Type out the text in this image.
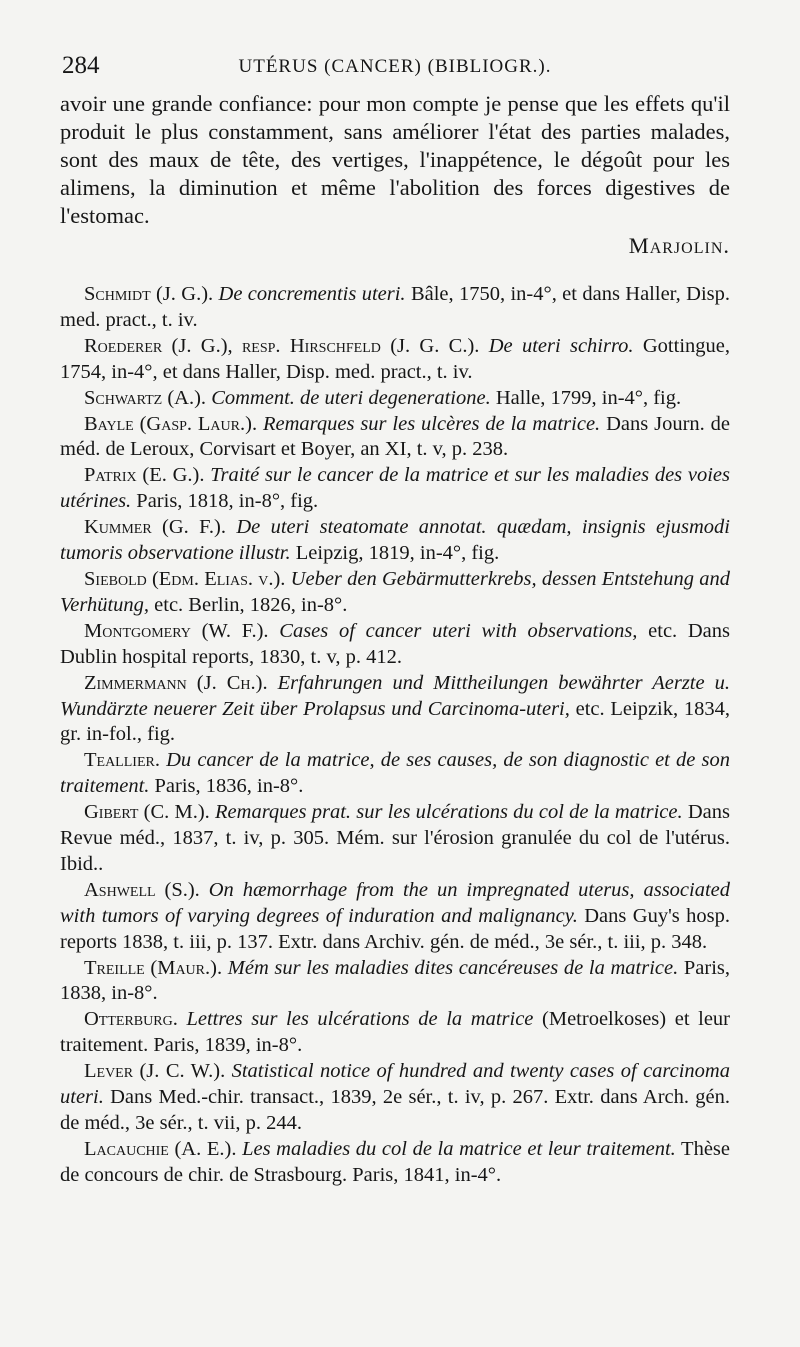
284	UTÉRUS (CANCER) (BIBLIOGR.).

avoir une grande confiance: pour mon compte je pense que les effets qu'il produit le plus constamment, sans améliorer l'état des parties malades, sont des maux de tête, des vertiges, l'inappétence, le dégoût pour les alimens, la diminution et même l'abolition des forces digestives de l'estomac.

Marjolin.

Schmidt (J. G.). De concrementis uteri. Bâle, 1750, in-4°, et dans Haller, Disp. med. pract., t. iv.

Roederer (J. G.), resp. Hirschfeld (J. G. C.). De uteri schirro. Gottingue, 1754, in-4°, et dans Haller, Disp. med. pract., t. iv.

Schwartz (A.). Comment. de uteri degeneratione. Halle, 1799, in-4°, fig.

Bayle (Gasp. Laur.). Remarques sur les ulcères de la matrice. Dans Journ. de méd. de Leroux, Corvisart et Boyer, an XI, t. v, p. 238.

Patrix (E. G.). Traité sur le cancer de la matrice et sur les maladies des voies utérines. Paris, 1818, in-8°, fig.

Kummer (G. F.). De uteri steatomate annotat. quædam, insignis ejusmodi tumoris observatione illustr. Leipzig, 1819, in-4°, fig.

Siebold (Edm. Elias. v.). Ueber den Gebärmutterkrebs, dessen Entstehung and Verhütung, etc. Berlin, 1826, in-8°.

Montgomery (W. F.). Cases of cancer uteri with observations, etc. Dans Dublin hospital reports, 1830, t. v, p. 412.

Zimmermann (J. Ch.). Erfahrungen und Mittheilungen bewährter Aerzte u. Wundärzte neuerer Zeit über Prolapsus und Carcinoma-uteri, etc. Leipzik, 1834, gr. in-fol., fig.

Teallier. Du cancer de la matrice, de ses causes, de son diagnostic et de son traitement. Paris, 1836, in-8°.

Gibert (C. M.). Remarques prat. sur les ulcérations du col de la matrice. Dans Revue méd., 1837, t. iv, p. 305. Mém. sur l'érosion granulée du col de l'utérus. Ibid..

Ashwell (S.). On hæmorrhage from the un impregnated uterus, associated with tumors of varying degrees of induration and malignancy. Dans Guy's hosp. reports 1838, t. iii, p. 137. Extr. dans Archiv. gén. de méd., 3e sér., t. iii, p. 348.

Treille (Maur.). Mém sur les maladies dites cancéreuses de la matrice. Paris, 1838, in-8°.

Otterburg. Lettres sur les ulcérations de la matrice (Metroelkoses) et leur traitement. Paris, 1839, in-8°.

Lever (J. C. W.). Statistical notice of hundred and twenty cases of carcinoma uteri. Dans Med.-chir. transact., 1839, 2e sér., t. iv, p. 267. Extr. dans Arch. gén. de méd., 3e sér., t. vii, p. 244.

Lacauchie (A. E.). Les maladies du col de la matrice et leur traitement. Thèse de concours de chir. de Strasbourg. Paris, 1841, in-4°.
